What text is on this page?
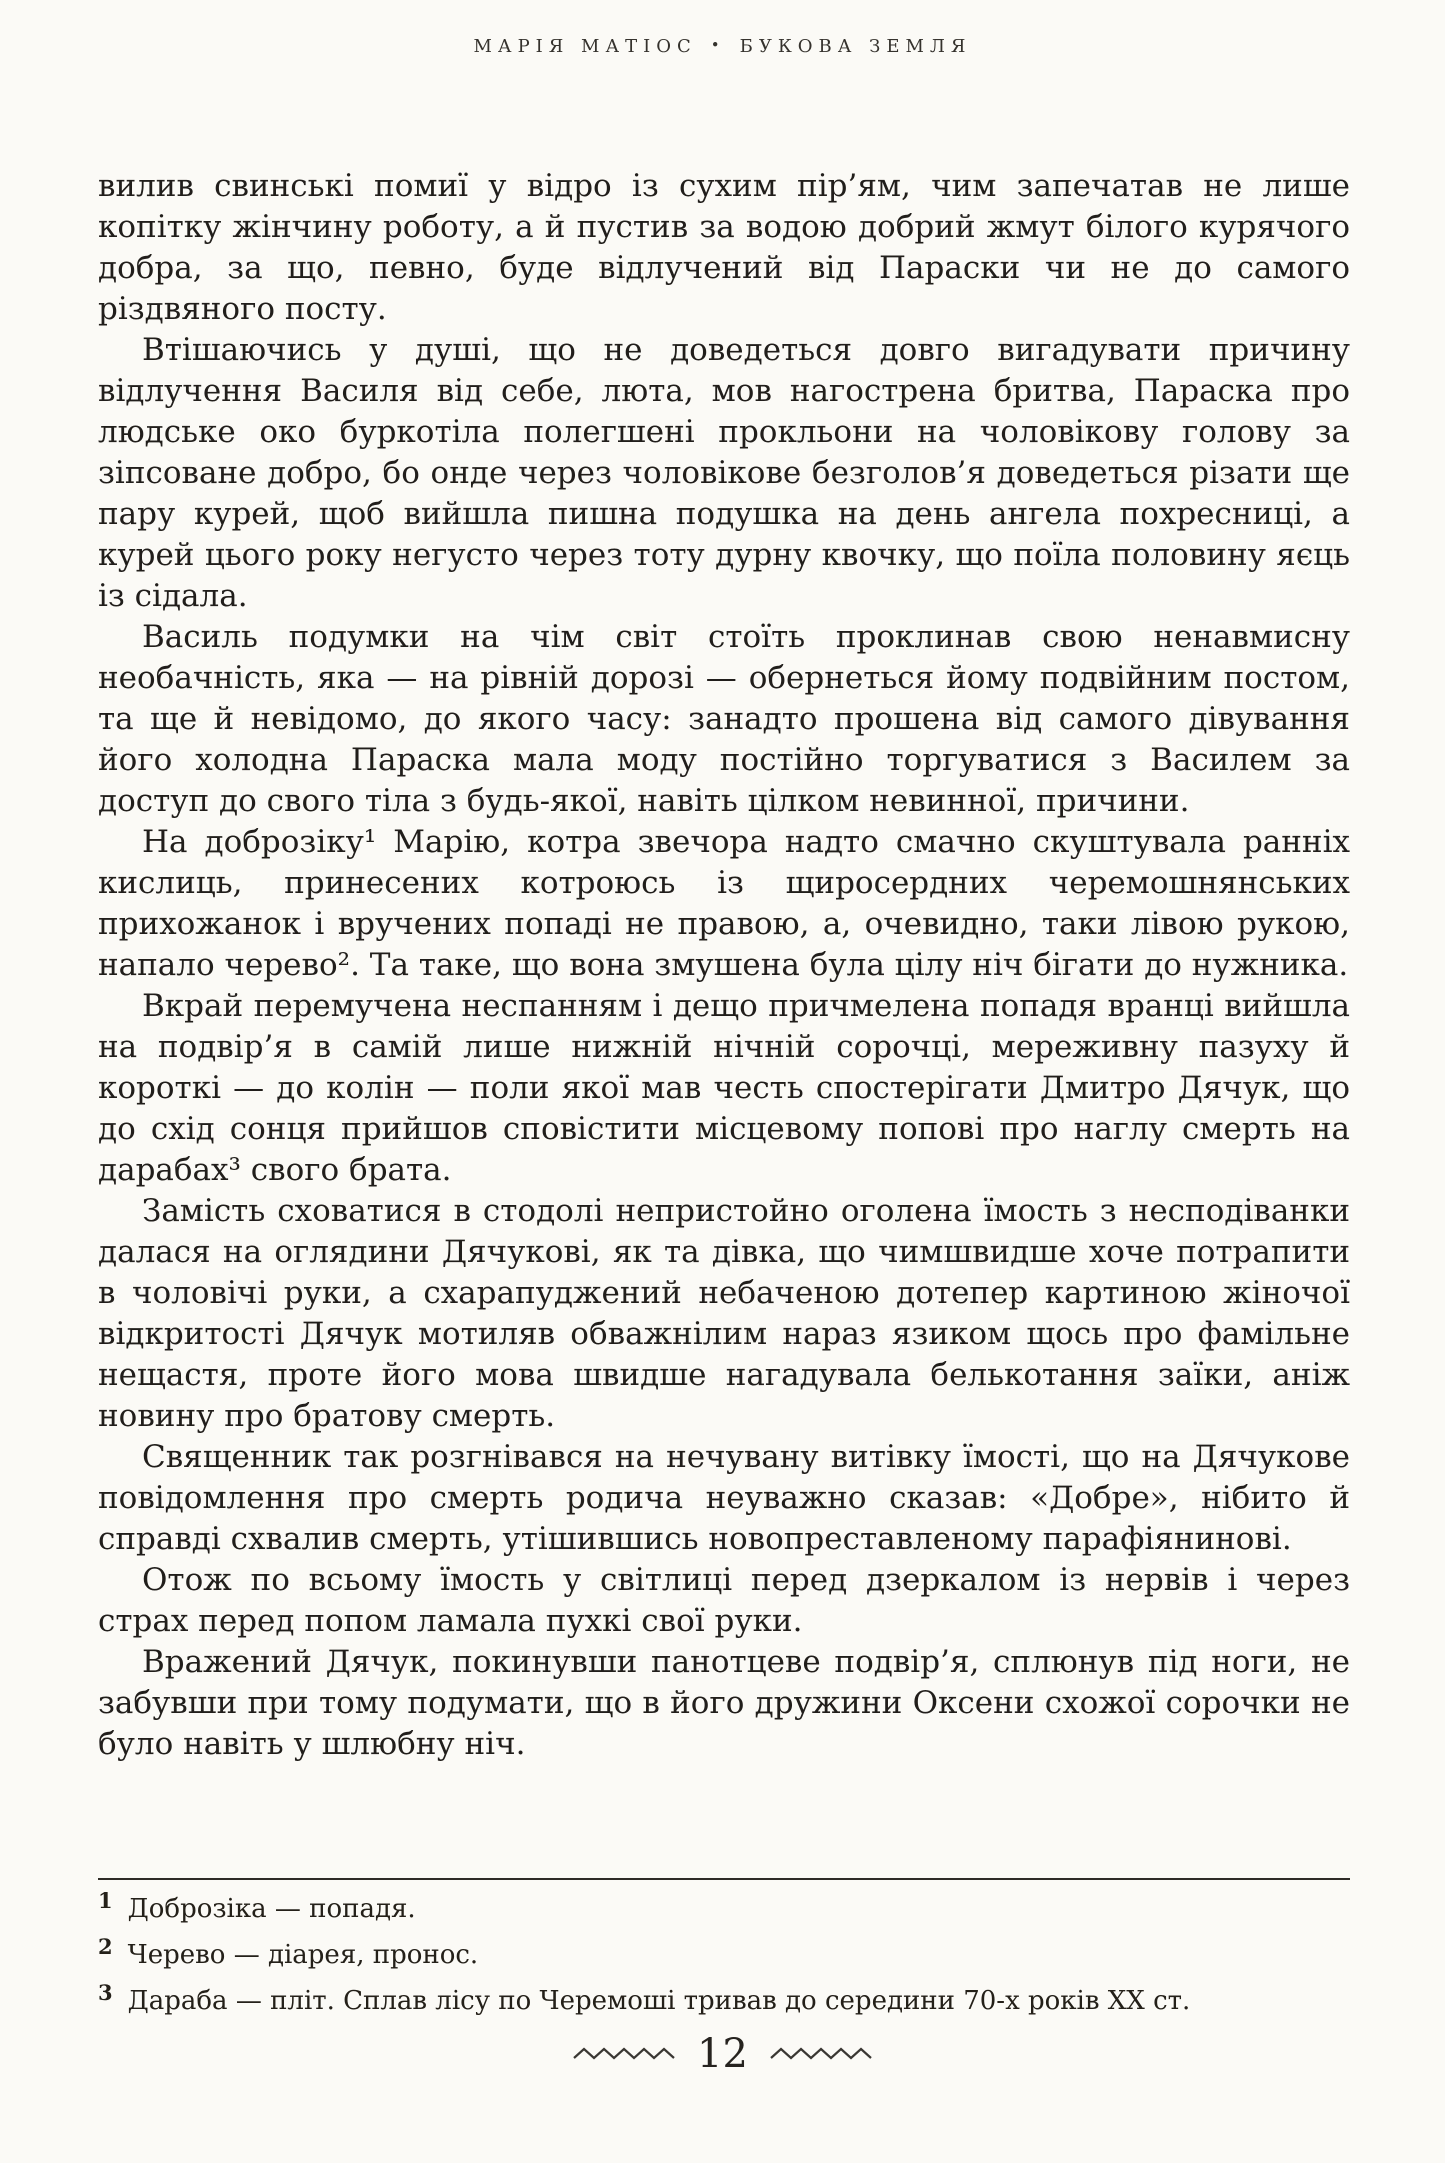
МАРІЯ МАТІОС • БУКОВА ЗЕМЛЯ

вилив свинські помиї у відро із сухим пір’ям, чим запечатав не лише копітку жінчину роботу, а й пустив за водою добрий жмут білого курячого добра, за що, певно, буде відлучений від Параски чи не до самого різдвяного посту.

Втішаючись у душі, що не доведеться довго вигадувати причину відлучення Василя від себе, люта, мов нагострена бритва, Параска про людське око буркотіла полегшені прокльони на чоловікову голову за зіпсоване добро, бо онде через чоловікове безголов’я доведеться різати ще пару курей, щоб вийшла пишна подушка на день ангела похресниці, а курей цього року негусто через тоту дурну квочку, що поїла половину яєць із сідала.

Василь подумки на чім світ стоїть проклинав свою ненавмисну необачність, яка — на рівній дорозі — обернеться йому подвійним постом, та ще й невідомо, до якого часу: занадто прошена від самого дівування його холодна Параска мала моду постійно торгуватися з Василем за доступ до свого тіла з будь-якої, навіть цілком невинної, причини.

На доброзіку¹ Марію, котра звечора надто смачно скуштувала ранніх кислиць, принесених котроюсь із щиросердних черемошнянських прихожанок і вручених попаді не правою, а, очевидно, таки лівою рукою, напало черево². Та таке, що вона змушена була цілу ніч бігати до нужника.

Вкрай перемучена неспанням і дещо причмелена попадя вранці вийшла на подвір’я в самій лише нижній нічній сорочці, мереживну пазуху й короткі — до колін — поли якої мав честь спостерігати Дмитро Дячук, що до схід сонця прийшов сповістити місцевому попові про наглу смерть на дарабах³ свого брата.

Замість сховатися в стодолі непристойно оголена їмость з несподіванки далася на оглядини Дячукові, як та дівка, що чимшвидше хоче потрапити в чоловічі руки, а схарапуджений небаченою дотепер картиною жіночої відкритості Дячук мотиляв обважнілим нараз язиком щось про фамільне нещастя, проте його мова швидше нагадувала белькотання заїки, аніж новину про братову смерть.

Священник так розгнівався на нечувану витівку їмості, що на Дячукове повідомлення про смерть родича неуважно сказав: «Добре», нібито й справді схвалив смерть, утішившись новопреставленому парафіянинові.

Отож по всьому їмость у світлиці перед дзеркалом із нервів і через страх перед попом ламала пухкі свої руки.

Вражений Дячук, покинувши панотцеве подвір’я, сплюнув під ноги, не забувши при тому подумати, що в його дружини Оксени схожої сорочки не було навіть у шлюбну ніч.

1 Доброзіка — попадя.
2 Черево — діарея, пронос.
3 Дараба — пліт. Сплав лісу по Черемоші тривав до середини 70-х років ХХ ст.
12
